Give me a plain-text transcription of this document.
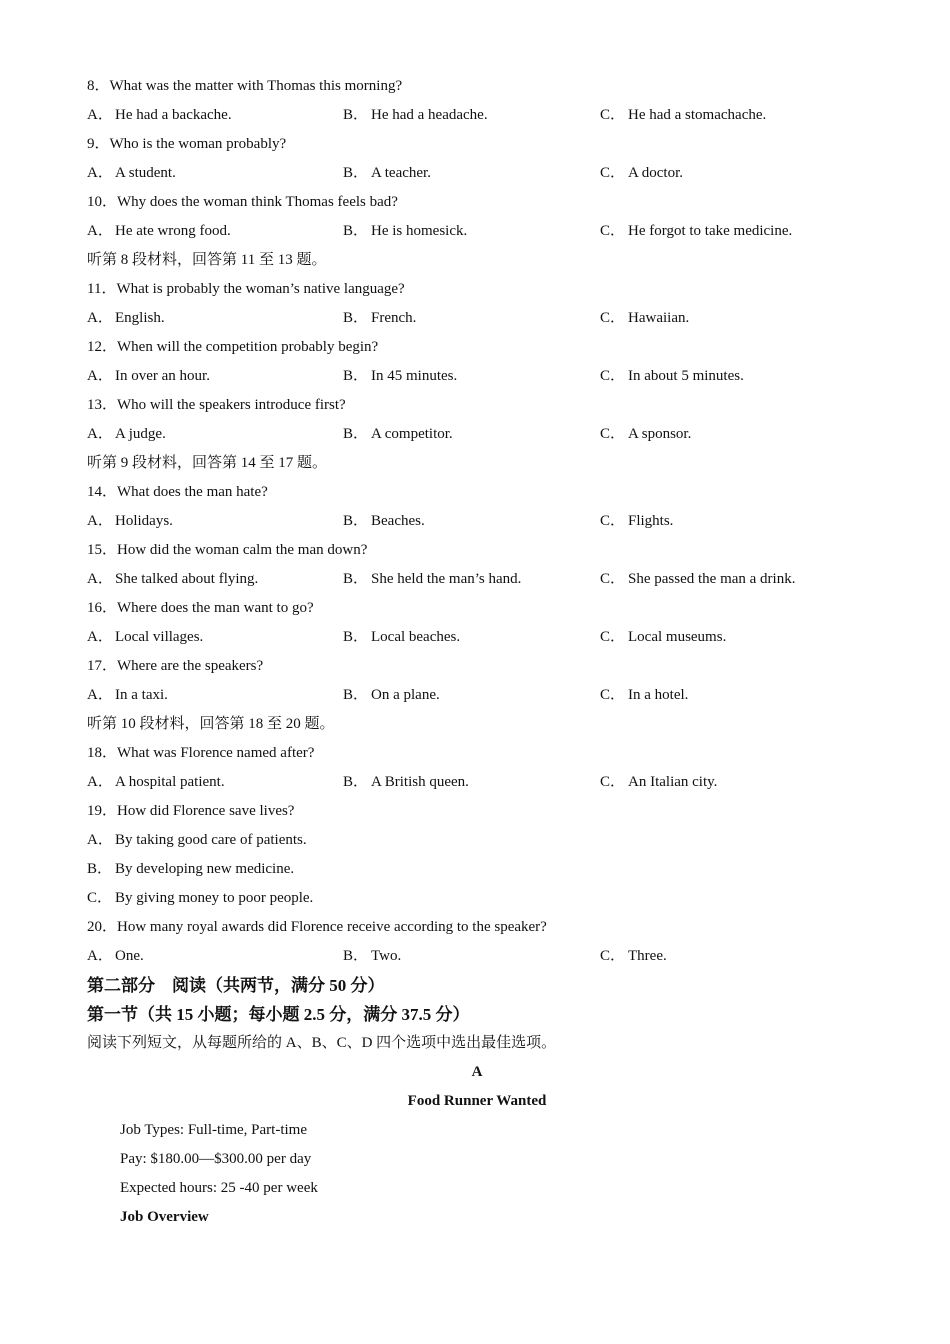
8．What was the matter with Thomas this morning?
A． He had a backache.	B． He had a headache.	C． He had a stomachache.
9．Who is the woman probably?
A． A student.	B． A teacher.	C． A doctor.
10．Why does the woman think Thomas feels bad?
A． He ate wrong food.	B． He is homesick.	C． He forgot to take medicine.
听第 8 段材料，回答第 11 至 13 题。
11．What is probably the woman’s native language?
A． English.	B． French.	C． Hawaiian.
12．When will the competition probably begin?
A． In over an hour.	B． In 45 minutes.	C． In about 5 minutes.
13．Who will the speakers introduce first?
A． A judge.	B． A competitor.	C． A sponsor.
听第 9 段材料，回答第 14 至 17 题。
14．What does the man hate?
A． Holidays.	B． Beaches.	C． Flights.
15．How did the woman calm the man down?
A． She talked about flying.	B． She held the man’s hand.	C． She passed the man a drink.
16．Where does the man want to go?
A． Local villages.	B． Local beaches.	C． Local museums.
17．Where are the speakers?
A． In a taxi.	B． On a plane.	C． In a hotel.
听第 10 段材料，回答第 18 至 20 题。
18．What was Florence named after?
A． A hospital patient.	B． A British queen.	C． An Italian city.
19．How did Florence save lives?
A． By taking good care of patients.
B． By developing new medicine.
C． By giving money to poor people.
20．How many royal awards did Florence receive according to the speaker?
A． One.	B． Two.	C． Three.
第二部分　阅读（共两节，满分 50 分）
第一节（共 15 小题；每小题 2.5 分，满分 37.5 分）
阅读下列短文，从每题所给的 A、B、C、D 四个选项中选出最佳选项。
A
Food Runner Wanted
Job Types: Full-time, Part-time
Pay: $180.00—$300.00 per day
Expected hours: 25 -40 per week
Job Overview
